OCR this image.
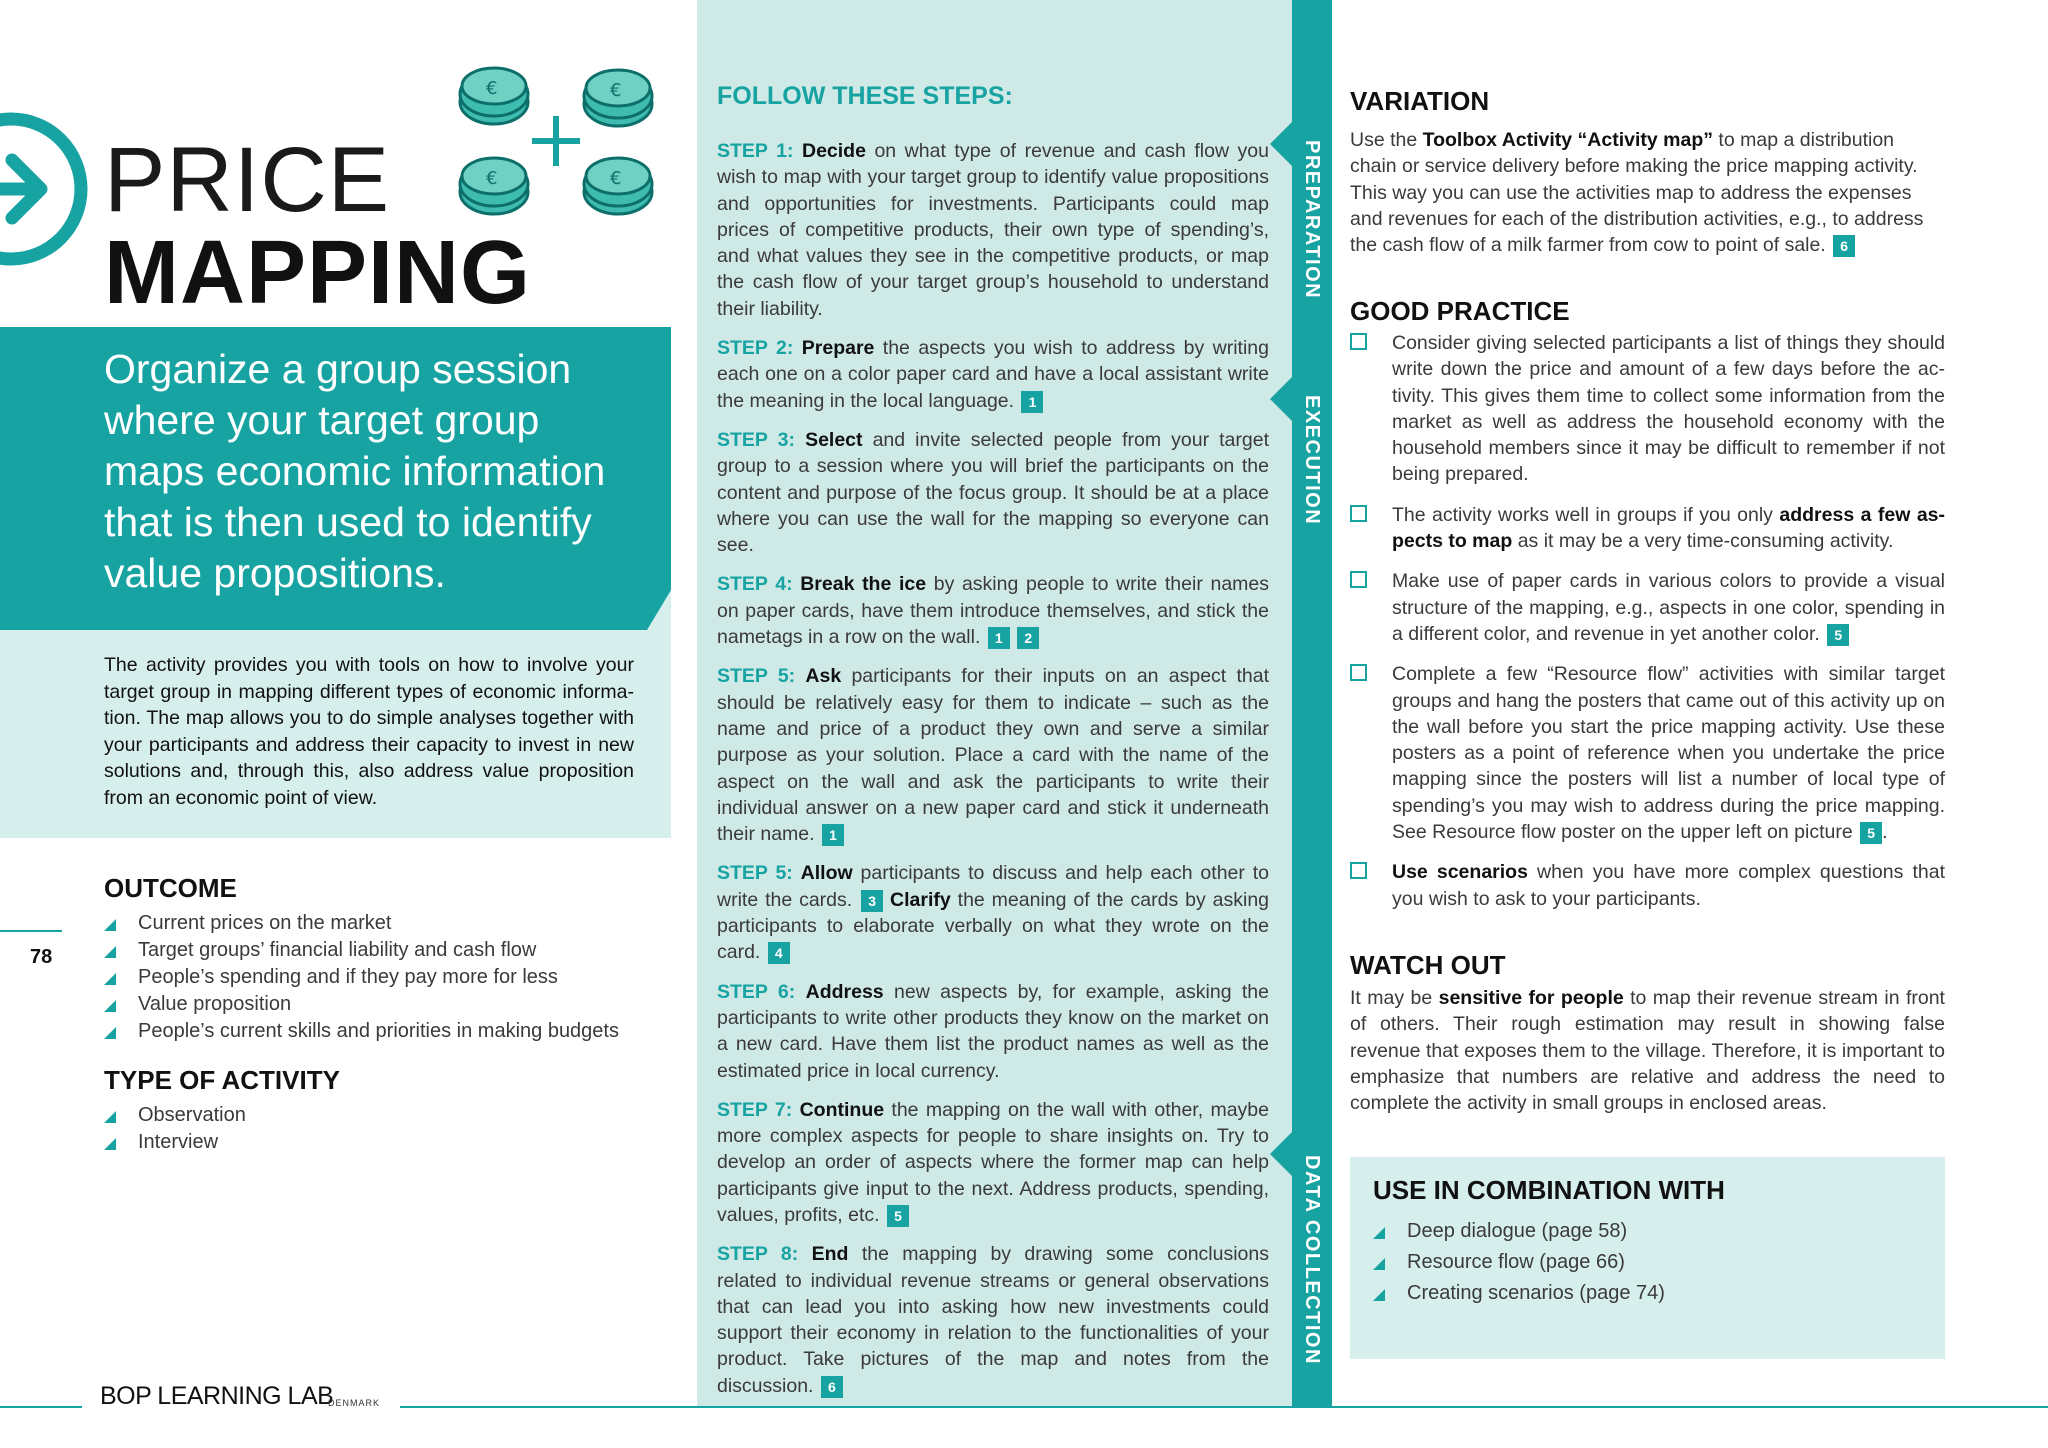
PRICE
MAPPING
€	€
€	€
Organize a group session where your target group maps economic information that is then used to identify value propositions.
The activity provides you with tools on how to involve your target group in mapping different types of economic information. The map allows you to do simple analyses together with your participants and address their capacity to invest in new solutions and, through this, also address value proposition from an economic point of view.
OUTCOME
Current prices on the market
Target groups’ financial liability and cash flow
People’s spending and if they pay more for less
Value proposition
People’s current skills and priorities in making budgets
TYPE OF ACTIVITY
Observation
Interview
78
BOP LEARNING LAB
DENMARK
FOLLOW THESE STEPS:
STEP 1: Decide on what type of revenue and cash flow you wish to map with your target group to identify value propositions and opportunities for investments. Participants could map prices of competitive products, their own type of spending’s, and what values they see in the competitive products, or map the cash flow of your target group’s household to understand their liability.
STEP 2: Prepare the aspects you wish to address by writing each one on a color paper card and have a local assistant write the meaning in the local language. 1
STEP 3: Select and invite selected people from your target group to a session where you will brief the participants on the content and purpose of the focus group. It should be at a place where you can use the wall for the mapping so everyone can see.
STEP 4: Break the ice by asking people to write their names on paper cards, have them introduce themselves, and stick the nametags in a row on the wall. 1 2
STEP 5: Ask participants for their inputs on an aspect that should be relatively easy for them to indicate – such as the name and price of a product they own and serve a similar purpose as your solution. Place a card with the name of the aspect on the wall and ask the participants to write their individual answer on a new paper card and stick it underneath their name. 1
STEP 5: Allow participants to discuss and help each other to write the cards. 3 Clarify the meaning of the cards by asking participants to elaborate verbally on what they wrote on the card. 4
STEP 6: Address new aspects by, for example, asking the participants to write other products they know on the market on a new card. Have them list the product names as well as the estimated price in local currency.
STEP 7: Continue the mapping on the wall with other, maybe more complex aspects for people to share insights on. Try to develop an order of aspects where the former map can help participants give input to the next. Address products, spending, values, profits, etc. 5
STEP 8: End the mapping by drawing some conclusions related to individual revenue streams or general observations that can lead you into asking how new investments could support their economy in relation to the functionalities of your product. Take pictures of the map and notes from the discussion. 6
PREPARATION
EXECUTION
DATA COLLECTION
VARIATION
Use the Toolbox Activity “Activity map” to map a distribution chain or service delivery before making the price mapping activity. This way you can use the activities map to address the expenses and revenues for each of the distribution activities, e.g., to address the cash flow of a milk farmer from cow to point of sale. 6
GOOD PRACTICE
Consider giving selected participants a list of things they should write down the price and amount of a few days before the activity. This gives them time to collect some information from the market as well as address the household economy with the household members since it may be difficult to remember if not being prepared.
The activity works well in groups if you only address a few aspects to map as it may be a very time-consuming activity.
Make use of paper cards in various colors to provide a visual structure of the mapping, e.g., aspects in one color, spending in a different color, and revenue in yet another color. 5
Complete a few “Resource flow” activities with similar target groups and hang the posters that came out of this activity up on the wall before you start the price mapping activity. Use these posters as a point of reference when you undertake the price mapping since the posters will list a number of local type of spending’s you may wish to address during the price mapping. See Resource flow poster on the upper left on picture 5 .
Use scenarios when you have more complex questions that you wish to ask to your participants.
WATCH OUT
It may be sensitive for people to map their revenue stream in front of others. Their rough estimation may result in showing false revenue that exposes them to the village. Therefore, it is important to emphasize that numbers are relative and address the need to complete the activity in small groups in enclosed areas.
USE IN COMBINATION WITH
Deep dialogue (page 58)
Resource flow (page 66)
Creating scenarios (page 74)
